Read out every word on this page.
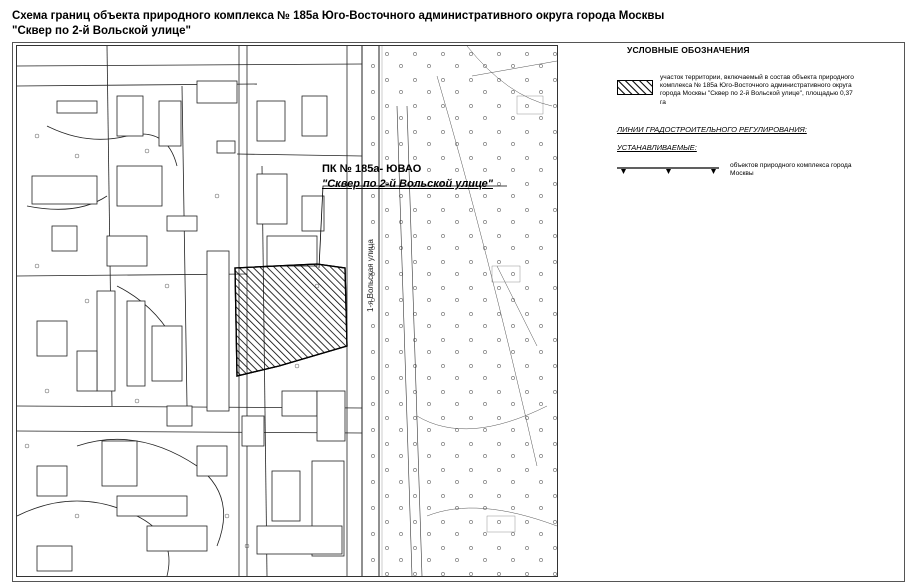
Схема границ объекта природного комплекса № 185а Юго-Восточного административного округа города Москвы
"Сквер по 2-й Вольской улице"
ПК № 185а- ЮВАО
"Сквер по 2-й Вольской улице"
1-я Вольская улица
УСЛОВНЫЕ ОБОЗНАЧЕНИЯ
участок территории, включаемый в состав объекта природного комплекса № 185а Юго-Восточного административного округа города Москвы "Сквер по 2-й Вольской улице", площадью 0,37 га
ЛИНИИ ГРАДОСТРОИТЕЛЬНОГО РЕГУЛИРОВАНИЯ:
УСТАНАВЛИВАЕМЫЕ:
объектов природного комплекса города Москвы
